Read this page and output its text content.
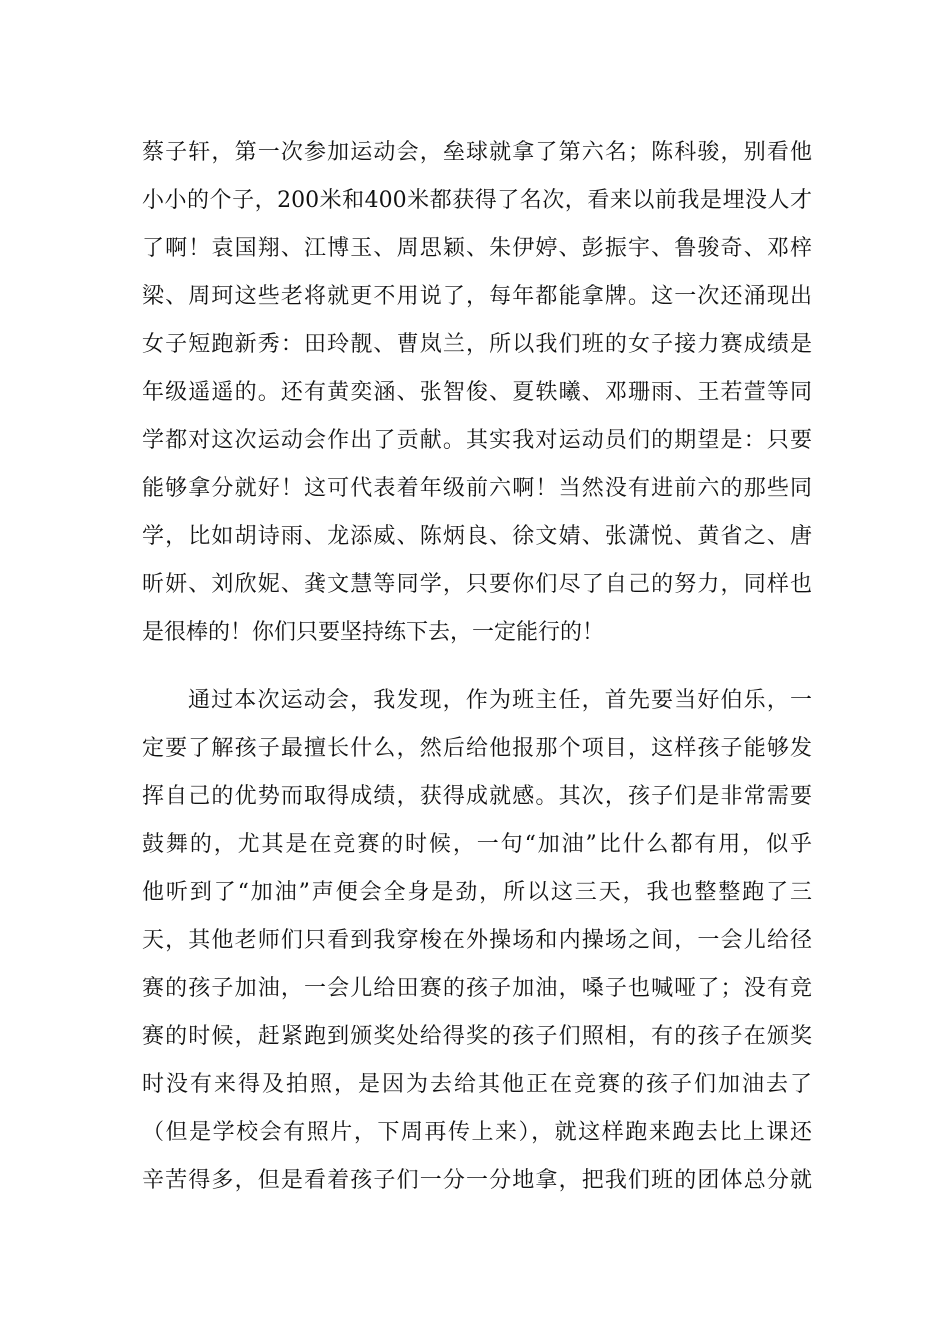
蔡子轩，第一次参加运动会，垒球就拿了第六名；陈科骏，别看他
小小的个子，200米和400米都获得了名次，看来以前我是埋没人才
了啊！袁国翔、江博玉、周思颖、朱伊婷、彭振宇、鲁骏奇、邓梓
梁、周珂这些老将就更不用说了，每年都能拿牌。这一次还涌现出
女子短跑新秀：田玲靓、曹岚兰，所以我们班的女子接力赛成绩是
年级遥遥的。还有黄奕涵、张智俊、夏轶曦、邓珊雨、王若萱等同
学都对这次运动会作出了贡献。其实我对运动员们的期望是：只要
能够拿分就好！这可代表着年级前六啊！当然没有进前六的那些同
学，比如胡诗雨、龙添威、陈炳良、徐文婧、张潇悦、黄省之、唐
昕妍、刘欣妮、龚文慧等同学，只要你们尽了自己的努力，同样也
是很棒的！你们只要坚持练下去，一定能行的！
通过本次运动会，我发现，作为班主任，首先要当好伯乐，一
定要了解孩子最擅长什么，然后给他报那个项目，这样孩子能够发
挥自己的优势而取得成绩，获得成就感。其次，孩子们是非常需要
鼓舞的，尤其是在竞赛的时候，一句“加油”比什么都有用，似乎
他听到了“加油”声便会全身是劲，所以这三天，我也整整跑了三
天，其他老师们只看到我穿梭在外操场和内操场之间，一会儿给径
赛的孩子加油，一会儿给田赛的孩子加油，嗓子也喊哑了；没有竞
赛的时候，赶紧跑到颁奖处给得奖的孩子们照相，有的孩子在颁奖
时没有来得及拍照，是因为去给其他正在竞赛的孩子们加油去了
（但是学校会有照片，下周再传上来），就这样跑来跑去比上课还
辛苦得多，但是看着孩子们一分一分地拿，把我们班的团体总分就
